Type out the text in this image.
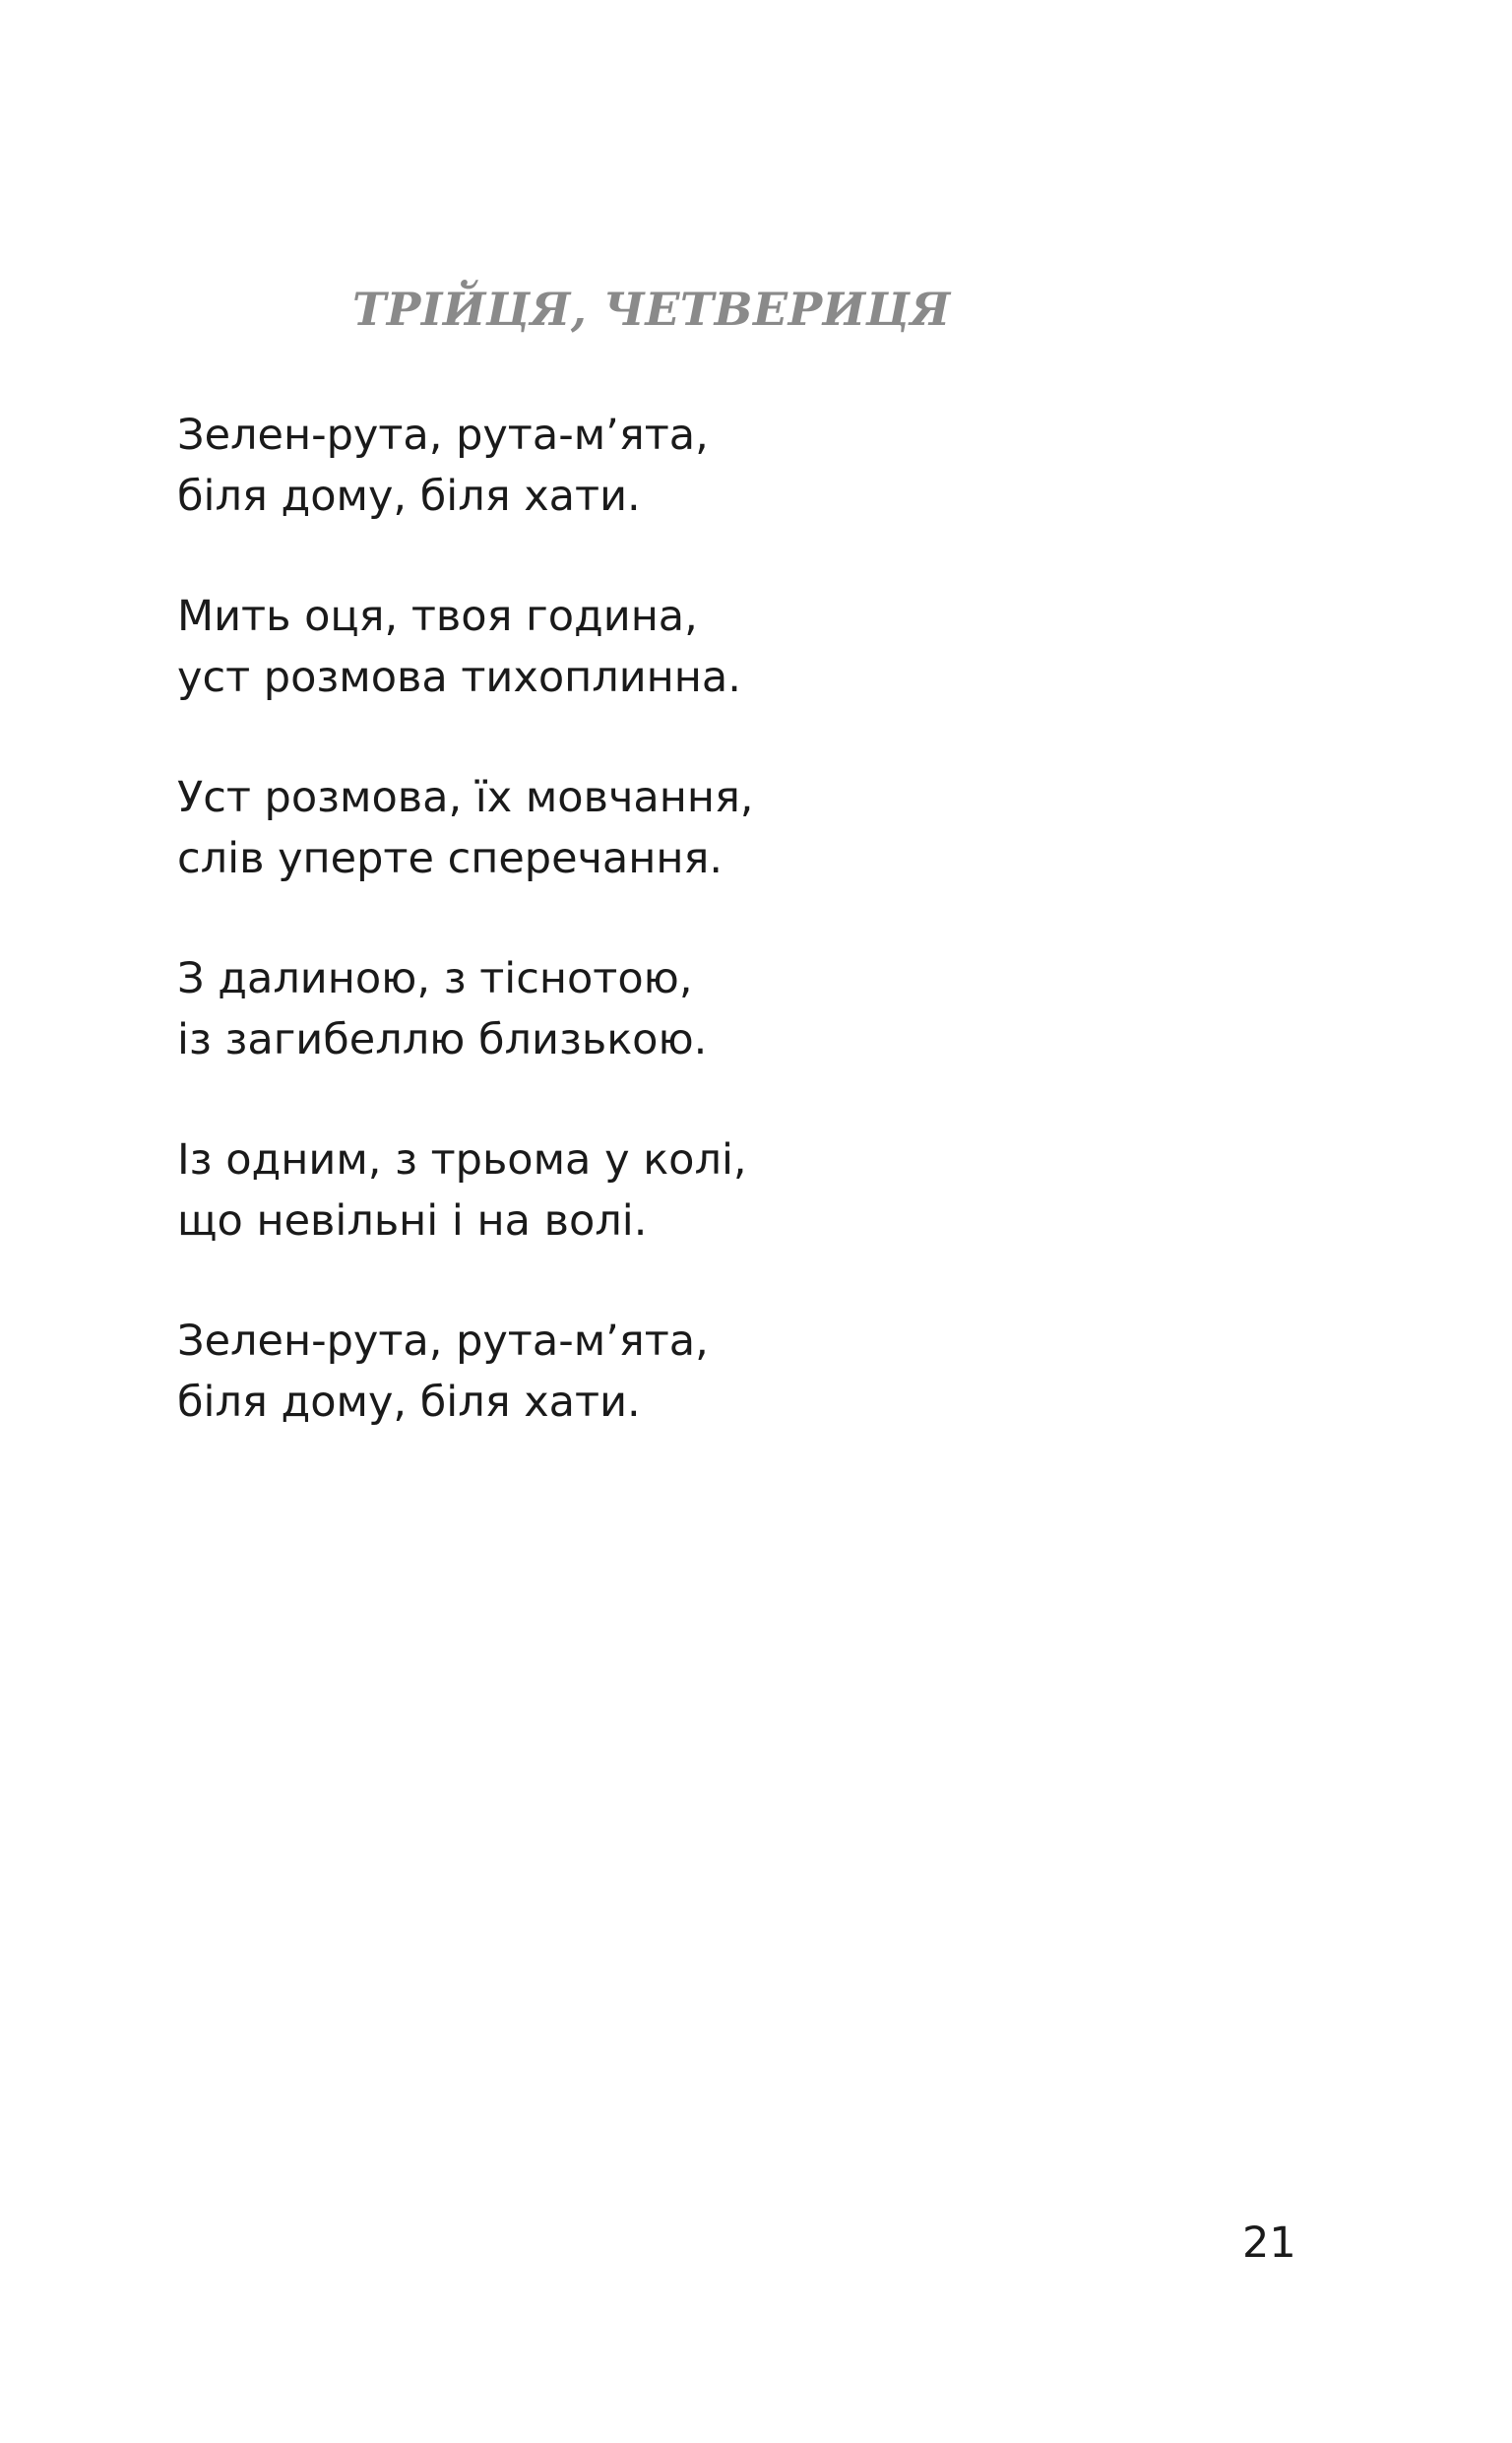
ТРІЙЦЯ, ЧЕТВЕРИЦЯ
Зелен-рута, рута-м’ята,
біля дому, біля хати.
Мить оця, твоя година,
уст розмова тихоплинна.
Уст розмова, їх мовчання,
слів уперте сперечання.
З далиною, з тіснотою,
із загибеллю близькою.
Із одним, з трьома у колі,
що невільні і на волі.
Зелен-рута, рута-м’ята,
біля дому, біля хати.
21
